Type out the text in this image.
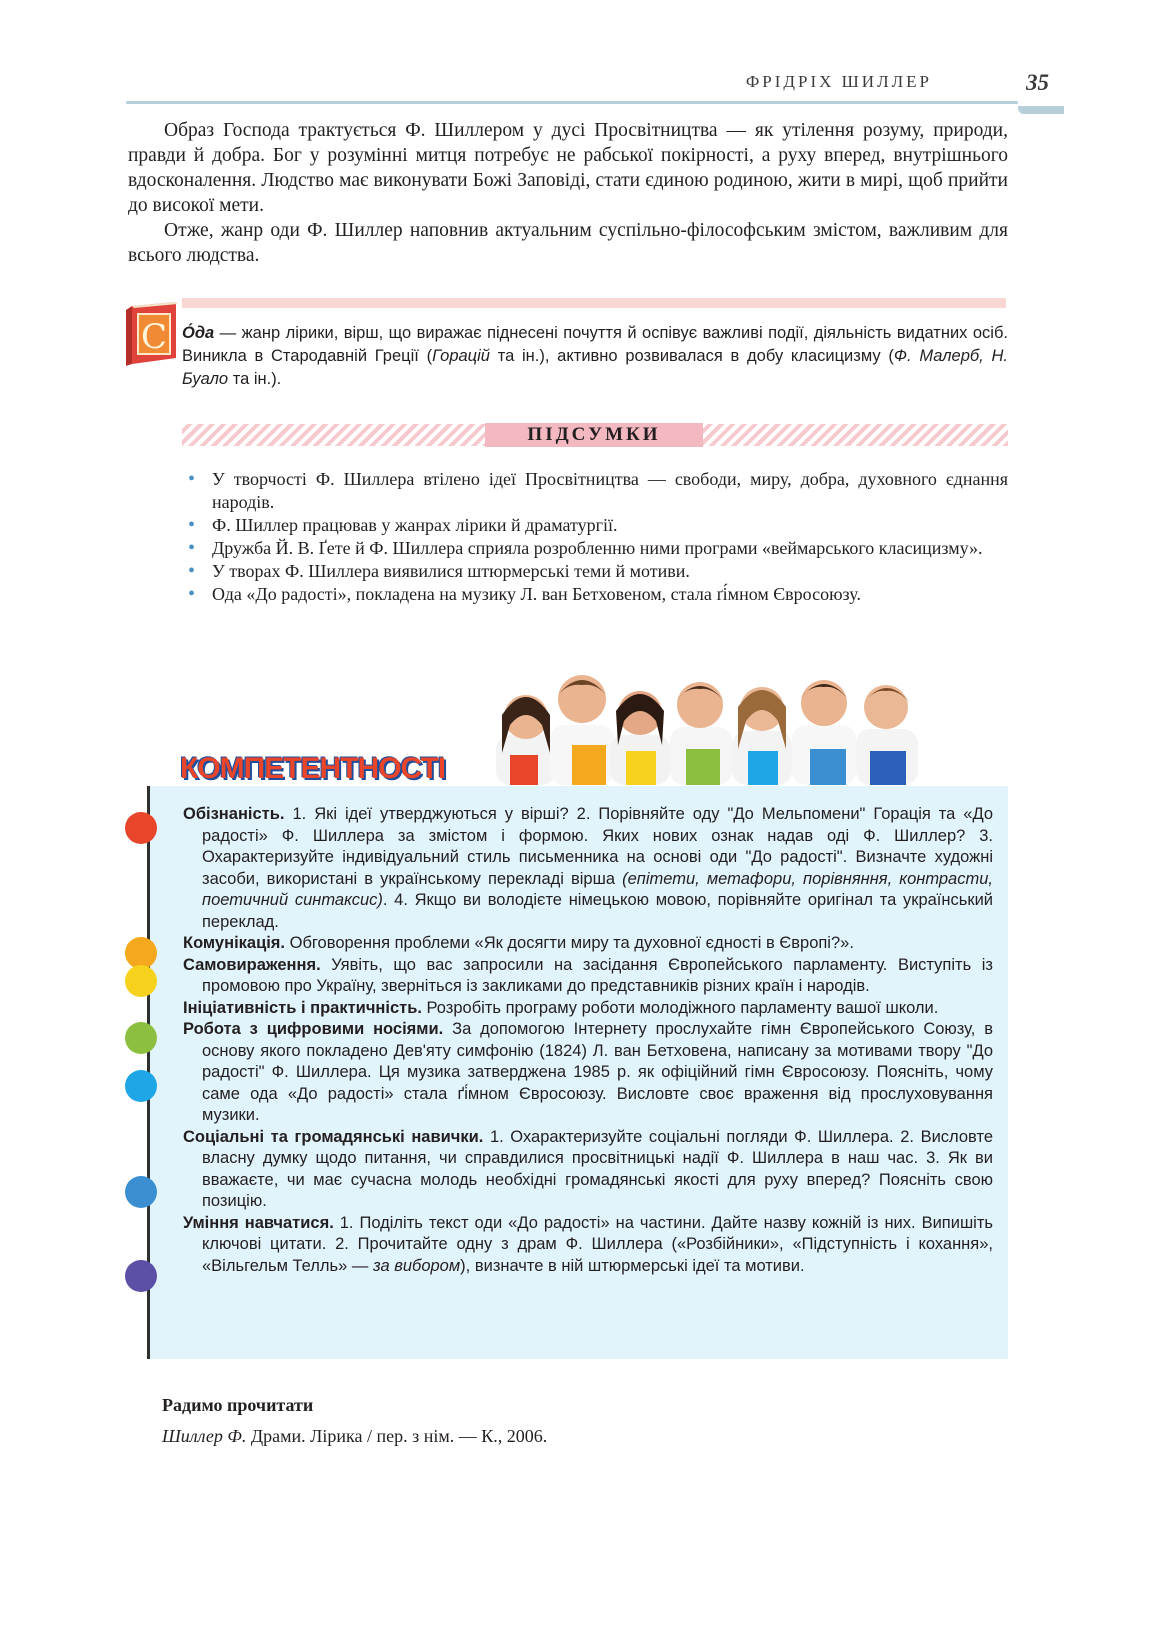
ФРІДРІХ ШИЛЛЕР	35

Образ Господа трактується Ф. Шиллером у дусі Просвітництва — як утілення розуму, природи, правди й добра. Бог у розумінні митця потребує не рабської покірності, а руху вперед, внутрішнього вдосконалення. Людство має виконувати Божі Заповіді, стати єдиною родиною, жити в мирі, щоб прийти до високої мети.

Отже, жанр оди Ф. Шиллер наповнив актуальним суспільно-філософським змістом, важливим для всього людства.

С О́да — жанр лірики, вірш, що виражає піднесені почуття й оспівує важливі події, діяльність видатних осіб. Виникла в Стародавній Греції (Горацій та ін.), активно розвивалася в добу класицизму (Ф. Малерб, Н. Буало та ін.).
ПІДСУМКИ
• У творчості Ф. Шиллера втілено ідеї Просвітництва — свободи, миру, добра, духовного єднання народів.
• Ф. Шиллер працював у жанрах лірики й драматургії.
• Дружба Й. В. Ґете й Ф. Шиллера сприяла розробленню ними програми «веймарського класицизму».
• У творах Ф. Шиллера виявилися штюрмерські теми й мотиви.
• Ода «До радості», покладена на музику Л. ван Бетховеном, стала ґі́мном Євросоюзу.
КОМПЕТЕНТНОСТІ
Обізнаність. 1. Які ідеї утверджуються у вірші? 2. Порівняйте оду "До Мельпомени" Горація та «До радості» Ф. Шиллера за змістом і формою. Яких нових ознак надав оді Ф. Шиллер? 3. Охарактеризуйте індивідуальний стиль письменника на основі оди "До радості". Визначте художні засоби, використані в українському перекладі вірша (епітети, метафори, порівняння, контрасти, поетичний синтаксис). 4. Якщо ви володієте німецькою мовою, порівняйте оригінал та український переклад.
Комунікація. Обговорення проблеми «Як досягти миру та духовної єдності в Європі?».
Самовираження. Уявіть, що вас запросили на засідання Європейського парламенту. Виступіть із промовою про Україну, зверніться із закликами до представників різних країн і народів.
Ініціативність і практичність. Розробіть програму роботи молодіжного парламенту вашої школи.
Робота з цифровими носіями. За допомогою Інтернету прослухайте гімн Європейського Союзу, в основу якого покладено Дев'яту симфонію (1824) Л. ван Бетховена, написану за мотивами твору "До радості" Ф. Шиллера. Ця музика затверджена 1985 р. як офіційний гімн Євросоюзу. Поясніть, чому саме ода «До радості» стала ґі́мном Євросоюзу. Висловте своє враження від прослуховування музики.
Соціальні та громадянські навички. 1. Охарактеризуйте соціальні погляди Ф. Шиллера. 2. Висловте власну думку щодо питання, чи справдилися просвітницькі надії Ф. Шиллера в наш час. 3. Як ви вважаєте, чи має сучасна молодь необхідні громадянські якості для руху вперед? Поясніть свою позицію.
Уміння навчатися. 1. Поділіть текст оди «До радості» на частини. Дайте назву кожній із них. Випишіть ключові цитати. 2. Прочитайте одну з драм Ф. Шиллера («Розбійники», «Підступність і кохання», «Вільгельм Телль» — за вибором), визначте в ній штюрмерські ідеї та мотиви.
Радимо прочитати
Шиллер Ф. Драми. Лірика / пер. з нім. — К., 2006.
